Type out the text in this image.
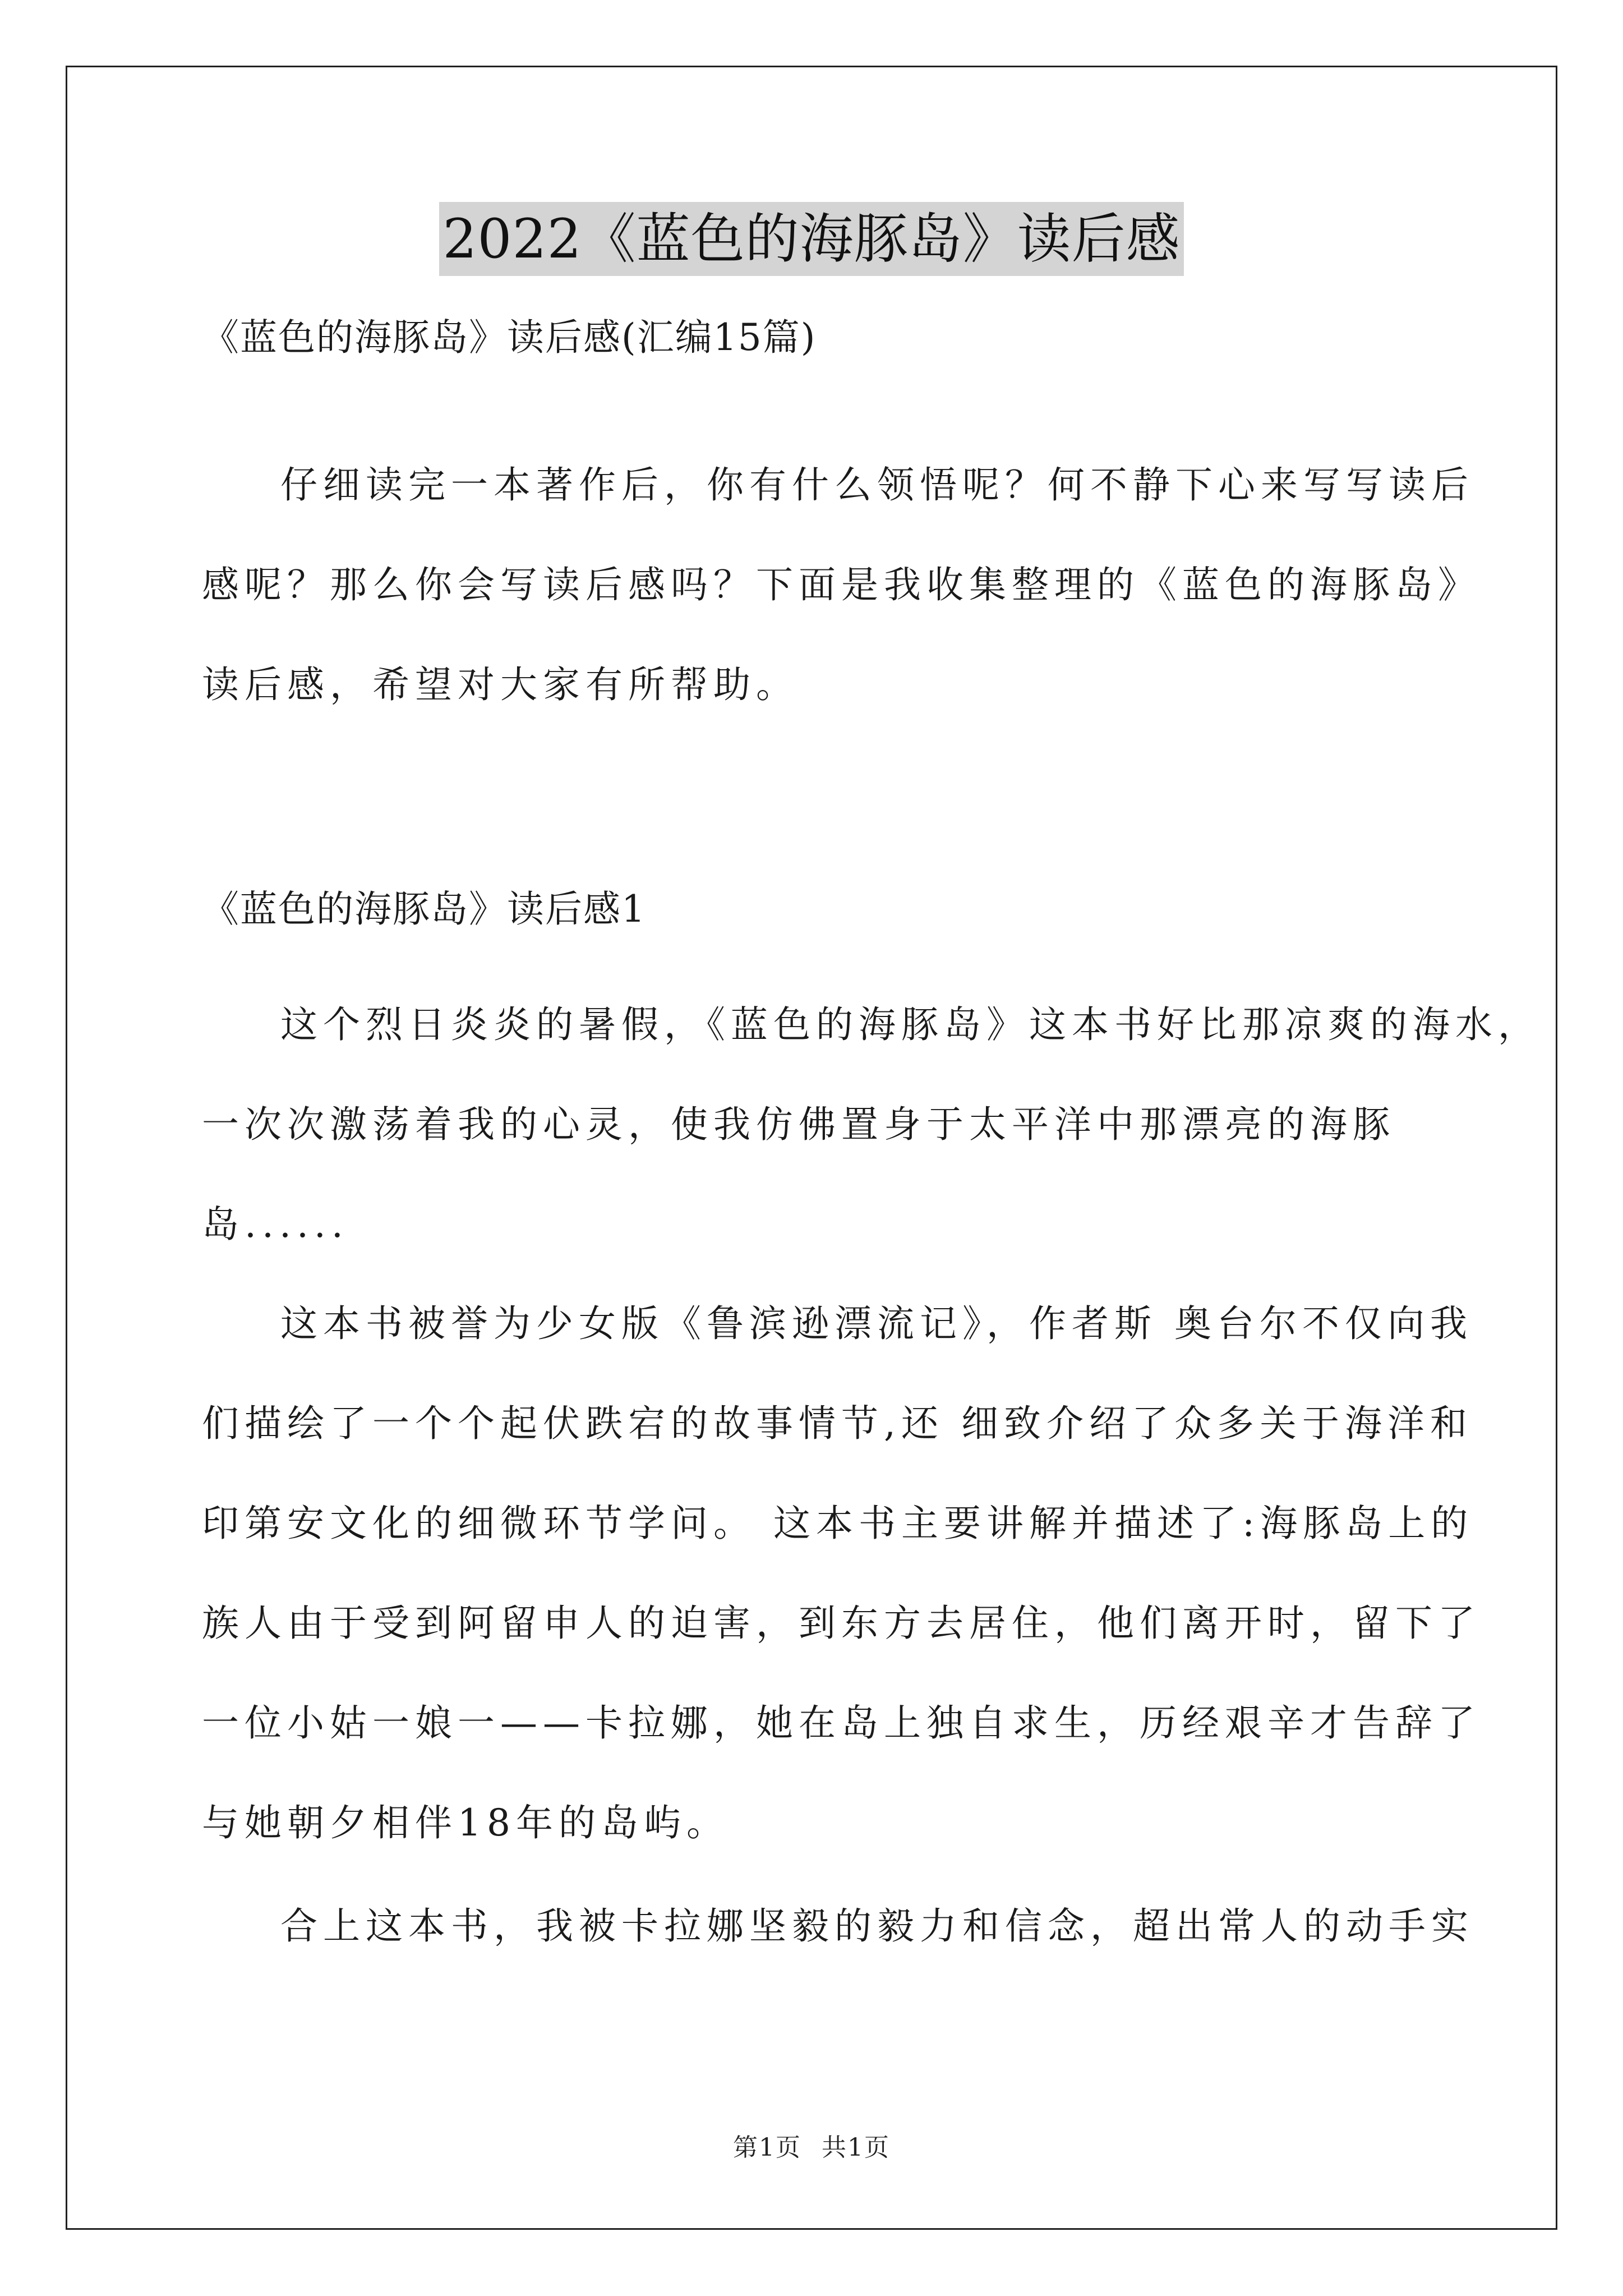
2022《蓝色的海豚岛》读后感
《蓝色的海豚岛》读后感(汇编15篇)
仔细读完一本著作后，你有什么领悟呢？何不静下心来写写读后
感呢？那么你会写读后感吗？下面是我收集整理的《蓝色的海豚岛》
读后感，希望对大家有所帮助。
《蓝色的海豚岛》读后感1
这个烈日炎炎的暑假，《蓝色的海豚岛》这本书好比那凉爽的海水，
一次次激荡着我的心灵，使我仿佛置身于太平洋中那漂亮的海豚
岛......
这本书被誉为少女版《鲁滨逊漂流记》，作者斯 奥台尔不仅向我
们描绘了一个个起伏跌宕的故事情节,还 细致介绍了众多关于海洋和
印第安文化的细微环节学问。 这本书主要讲解并描述了:海豚岛上的
族人由于受到阿留申人的迫害，到东方去居住，他们离开时，留下了
一位小姑一娘一——卡拉娜，她在岛上独自求生，历经艰辛才告辞了
与她朝夕相伴18年的岛屿。
合上这本书，我被卡拉娜坚毅的毅力和信念，超出常人的动手实
第1页 共1页
